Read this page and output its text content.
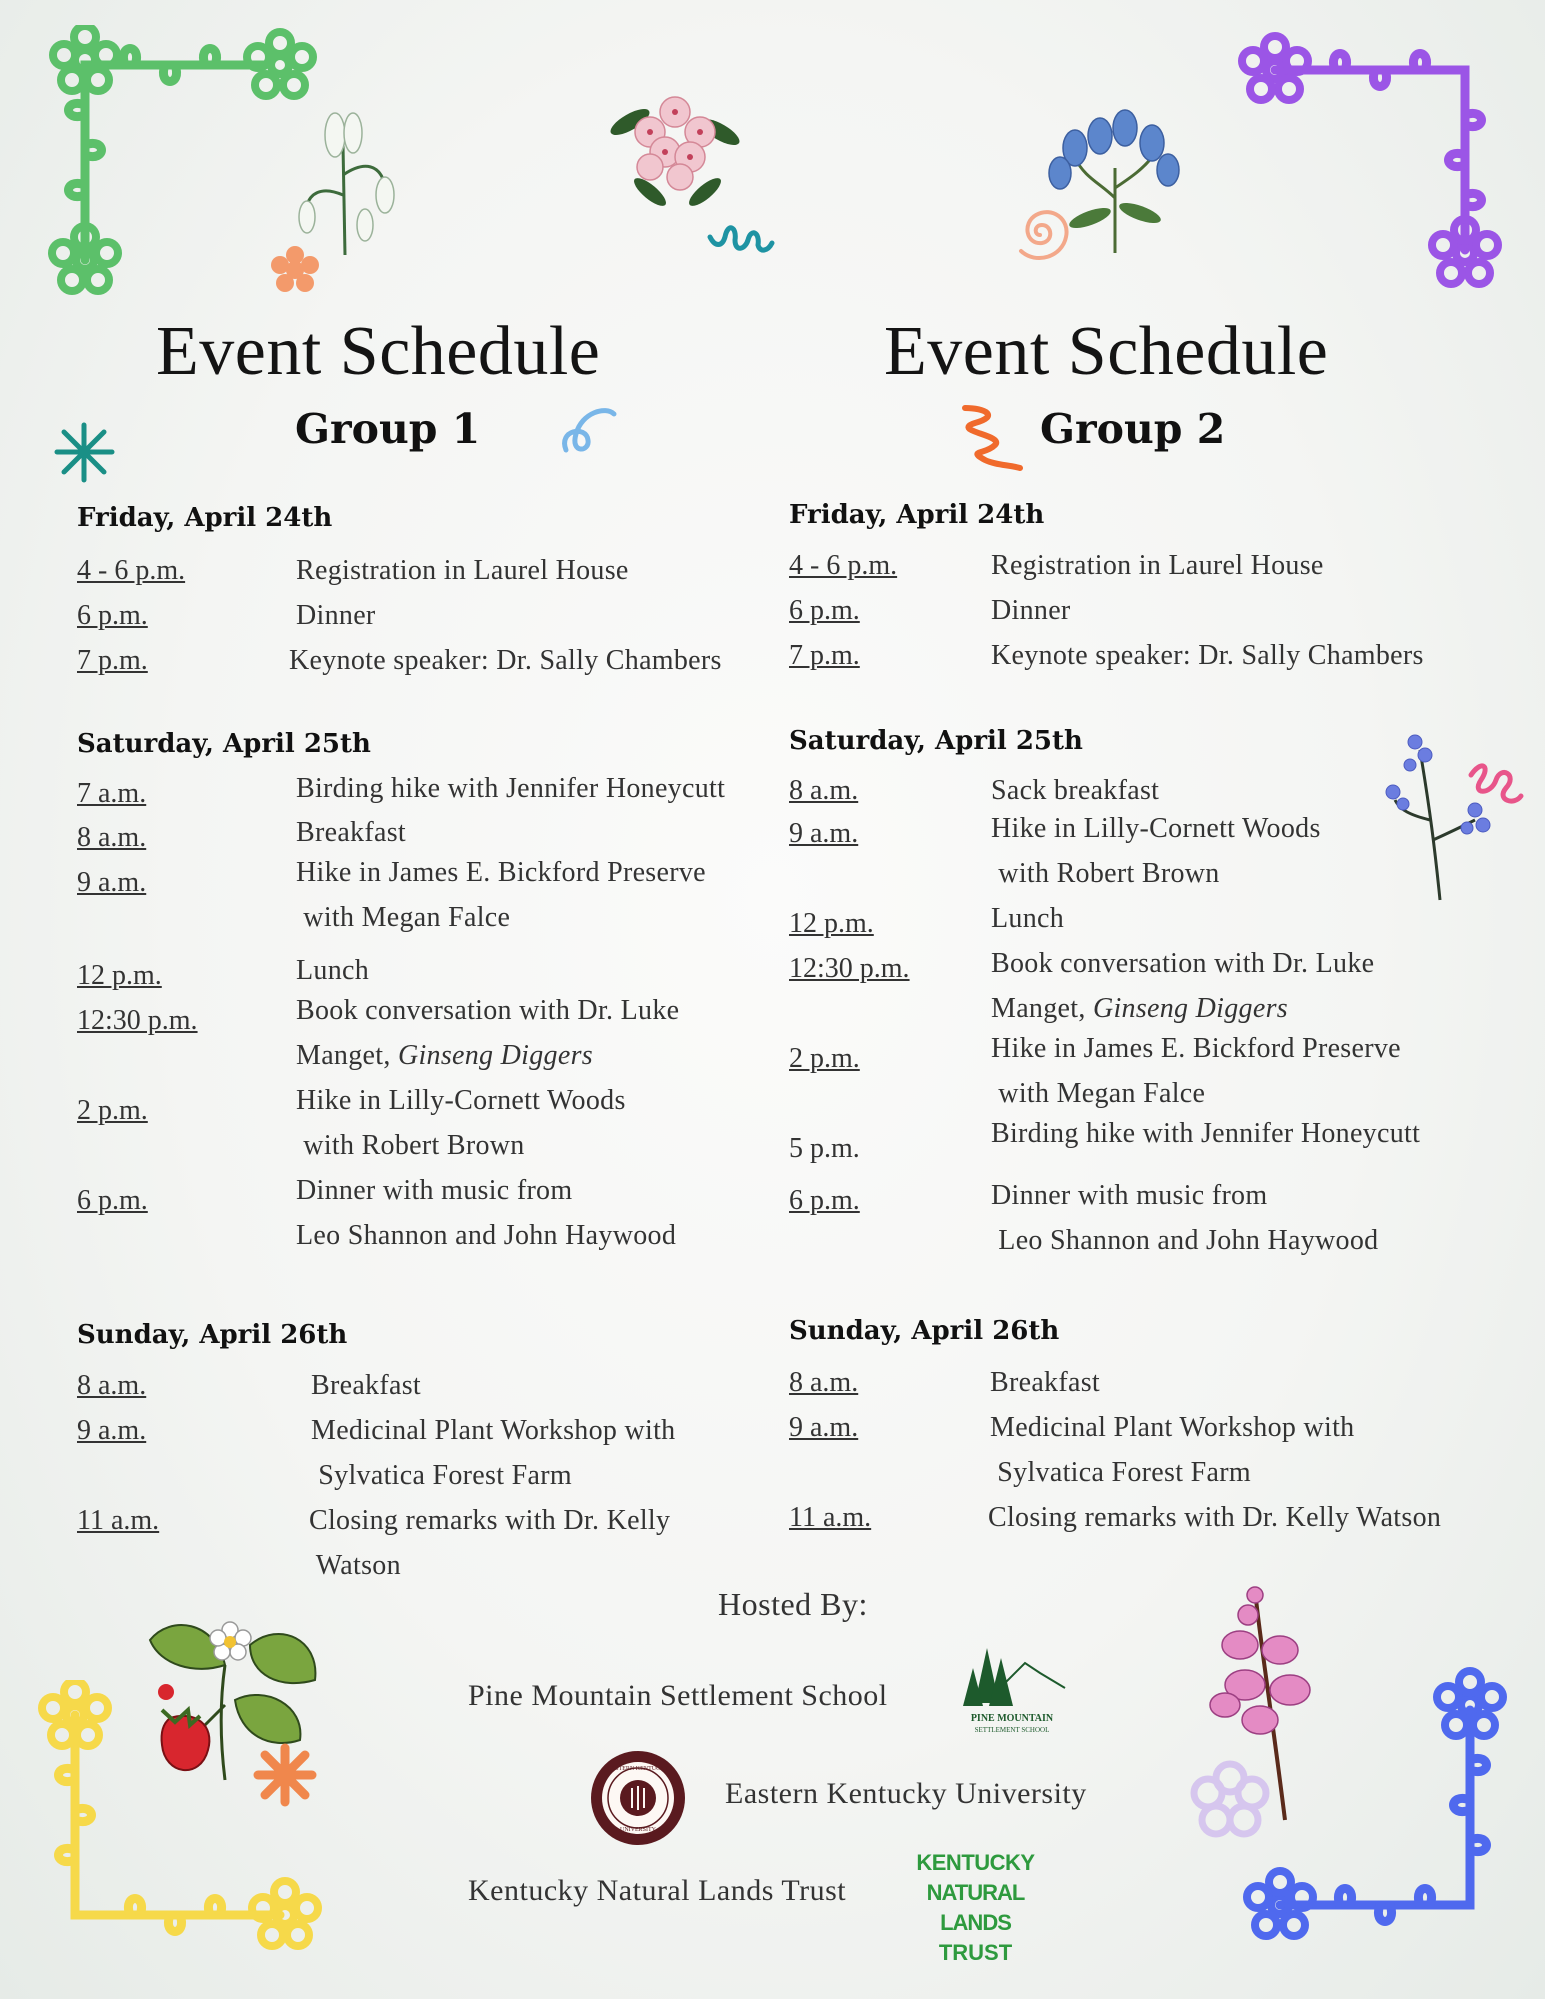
Event Schedule
Group 1
Friday, April 24th
4 - 6 p.m.	Registration in Laurel House
6 p.m.	Dinner
7 p.m.	Keynote speaker: Dr. Sally Chambers
Saturday, April 25th
7 a.m.	Birding hike with Jennifer Honeycutt
8 a.m.	Breakfast
9 a.m.	Hike in James E. Bickford Preserve
with Megan Falce
12 p.m.	Lunch
12:30 p.m.	Book conversation with Dr. Luke
Manget, Ginseng Diggers
2 p.m.	Hike in Lilly-Cornett Woods
with Robert Brown
6 p.m.	Dinner with music from
Leo Shannon and John Haywood
Sunday, April 26th
8 a.m.	Breakfast
9 a.m.	Medicinal Plant Workshop with
Sylvatica Forest Farm
11 a.m.	Closing remarks with Dr. Kelly
Watson
Event Schedule
Group 2
Friday, April 24th
4 - 6 p.m.	Registration in Laurel House
6 p.m.	Dinner
7 p.m.	Keynote speaker: Dr. Sally Chambers
Saturday, April 25th
8 a.m.	Sack breakfast
9 a.m.	Hike in Lilly-Cornett Woods
with Robert Brown
12 p.m.	Lunch
12:30 p.m.	Book conversation with Dr. Luke
Manget, Ginseng Diggers
2 p.m.	Hike in James E. Bickford Preserve
with Megan Falce
5 p.m.	Birding hike with Jennifer Honeycutt
6 p.m.	Dinner with music from
Leo Shannon and John Haywood
Sunday, April 26th
8 a.m.	Breakfast
9 a.m.	Medicinal Plant Workshop with
Sylvatica Forest Farm
11 a.m.	Closing remarks with Dr. Kelly Watson
Hosted By:
Pine Mountain Settlement School
PINE MOUNTAIN
SETTLEMENT SCHOOL
EASTERN KENTUCKY
UNIVERSITY
Eastern Kentucky University
Kentucky Natural Lands Trust
KENTUCKY
NATURAL LANDS
TRUST
